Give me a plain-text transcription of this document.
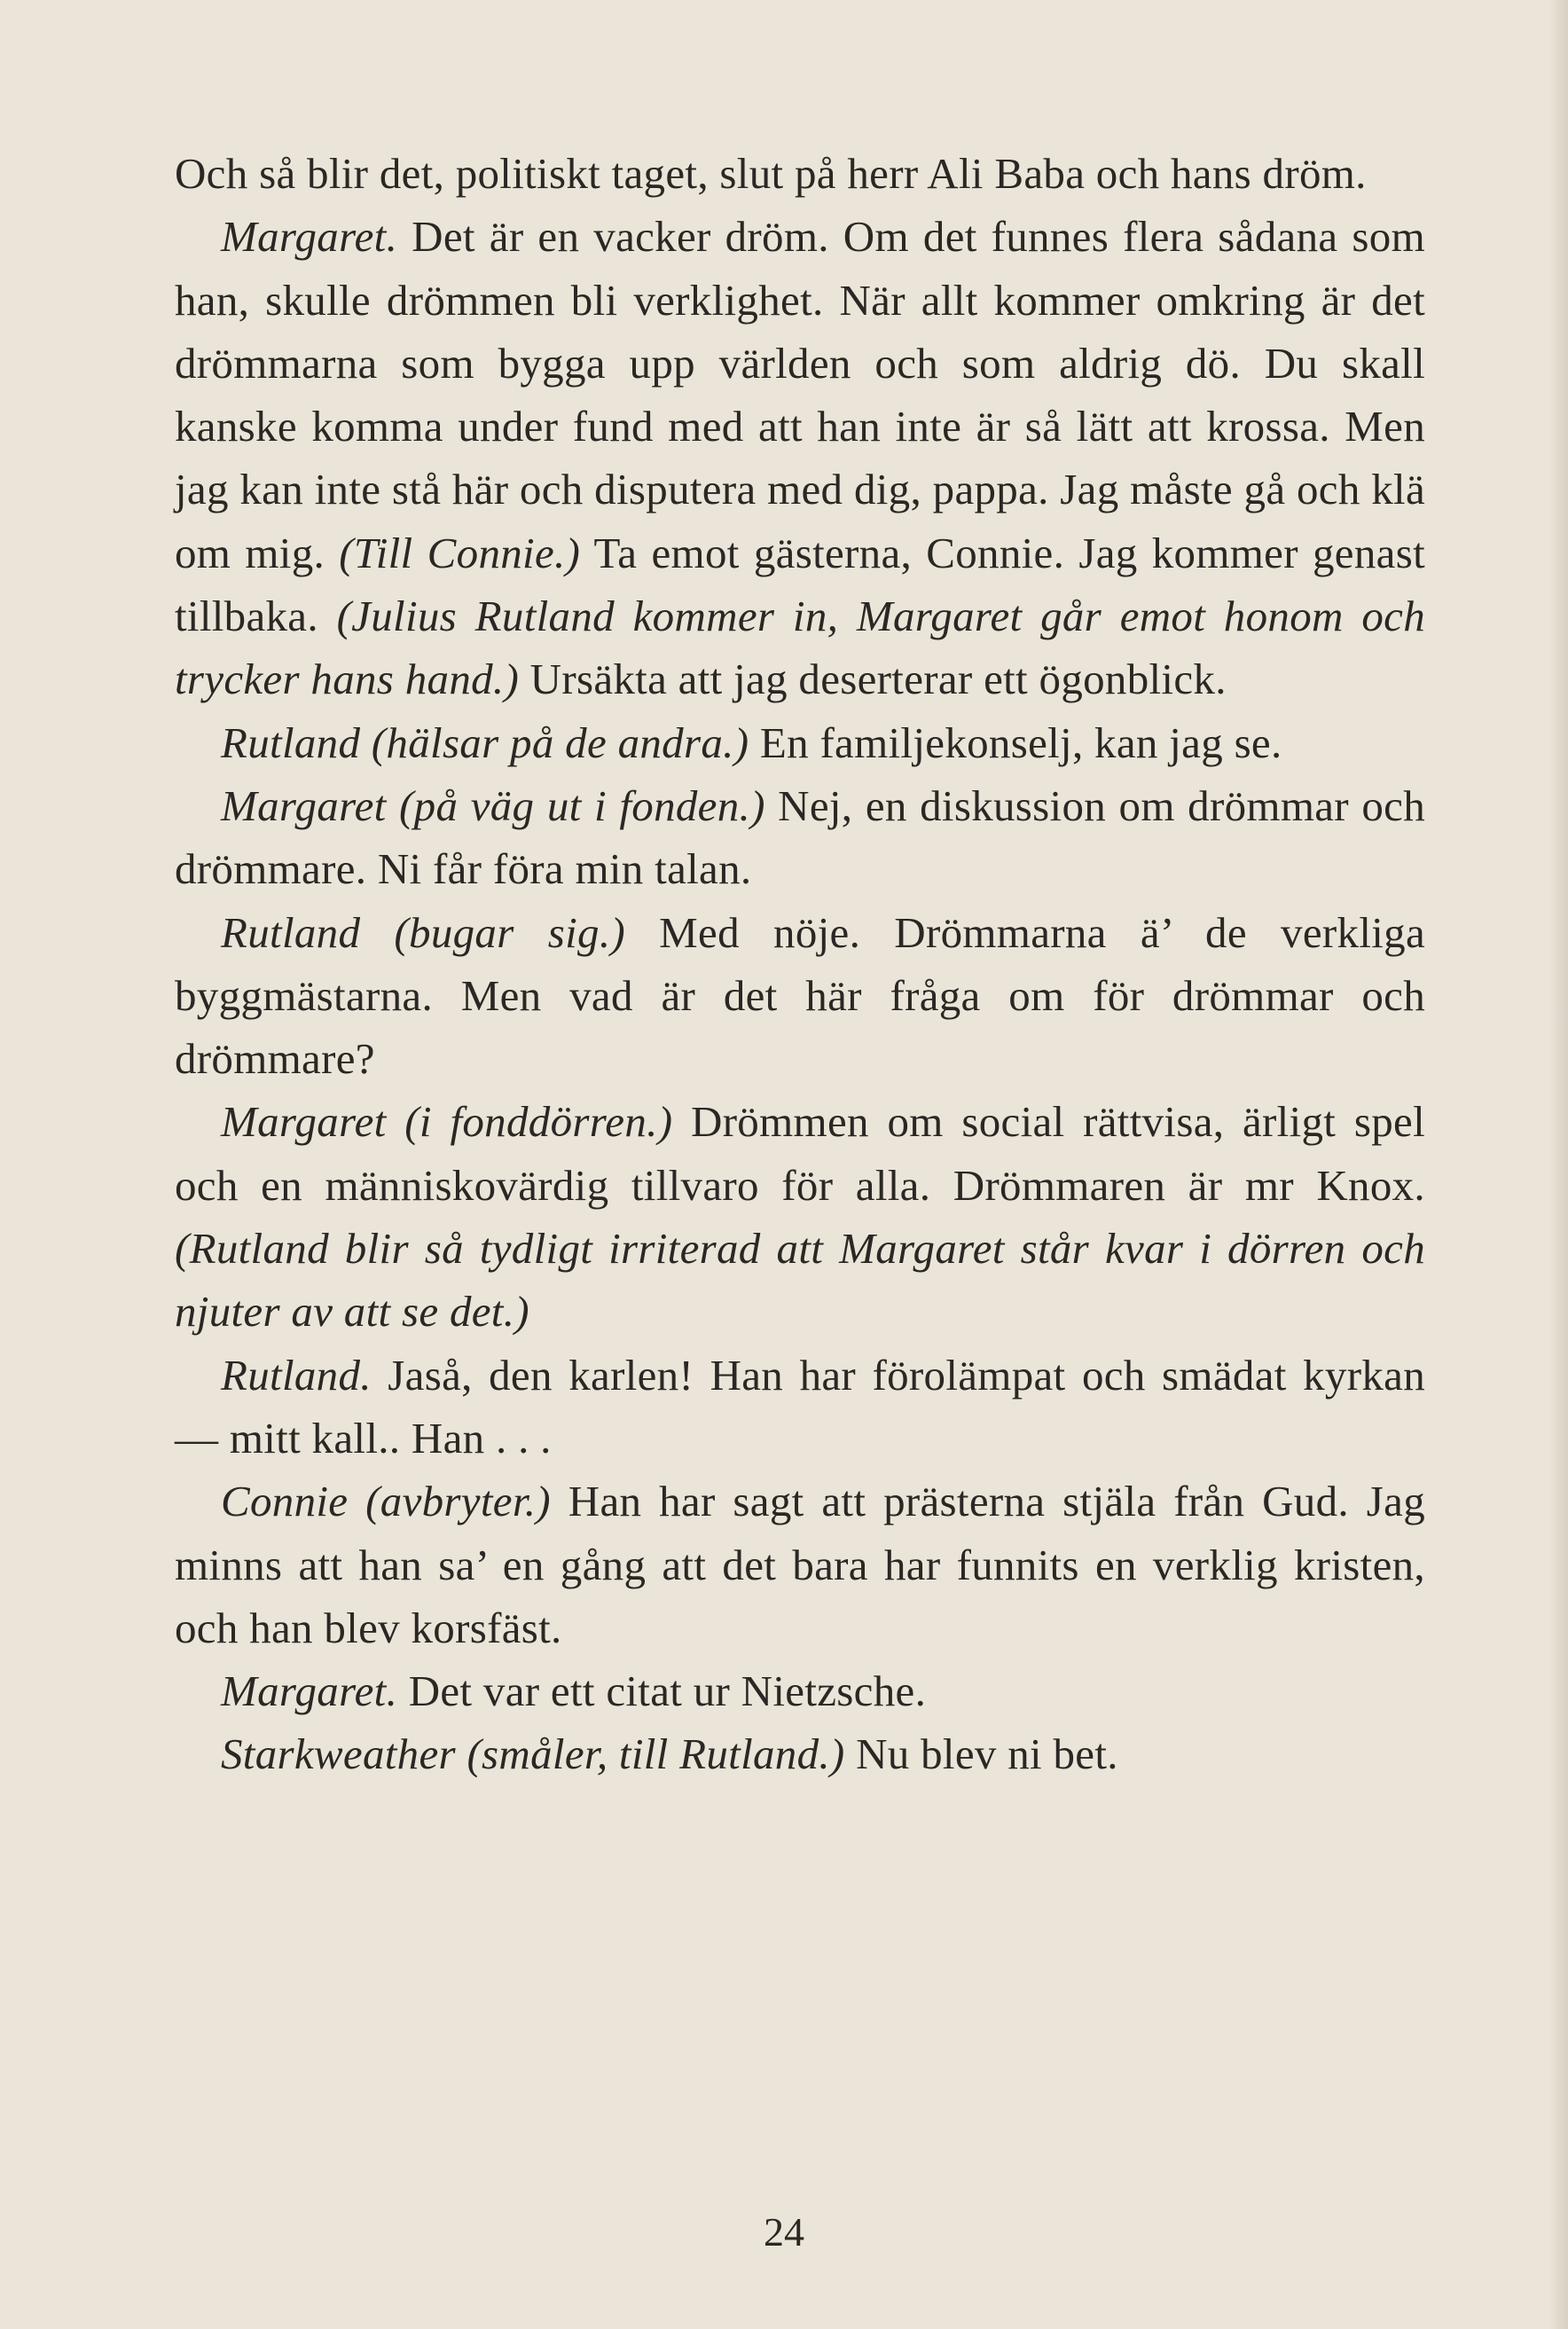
Och så blir det, politiskt taget, slut på herr Ali Baba och hans dröm.

Margaret. Det är en vacker dröm. Om det funnes flera sådana som han, skulle drömmen bli verklighet. När allt kommer omkring är det drömmarna som bygga upp världen och som aldrig dö. Du skall kanske komma under fund med att han inte är så lätt att krossa. Men jag kan inte stå här och disputera med dig, pappa. Jag måste gå och klä om mig. (Till Connie.) Ta emot gästerna, Connie. Jag kommer genast tillbaka. (Julius Rutland kommer in, Margaret går emot honom och trycker hans hand.) Ursäkta att jag deserterar ett ögonblick.

Rutland (hälsar på de andra.) En familjekonselj, kan jag se.

Margaret (på väg ut i fonden.) Nej, en diskussion om drömmar och drömmare. Ni får föra min talan.

Rutland (bugar sig.) Med nöje. Drömmarna ä’ de verkliga byggmästarna. Men vad är det här fråga om för drömmar och drömmare?

Margaret (i fonddörren.) Drömmen om social rättvisa, ärligt spel och en människovärdig tillvaro för alla. Drömmaren är mr Knox. (Rutland blir så tydligt irriterad att Margaret står kvar i dörren och njuter av att se det.)

Rutland. Jaså, den karlen! Han har förolämpat och smädat kyrkan — mitt kall.. Han . . .

Connie (avbryter.) Han har sagt att prästerna stjäla från Gud. Jag minns att han sa’ en gång att det bara har funnits en verklig kristen, och han blev korsfäst.

Margaret. Det var ett citat ur Nietzsche.

Starkweather (småler, till Rutland.) Nu blev ni bet.

24
